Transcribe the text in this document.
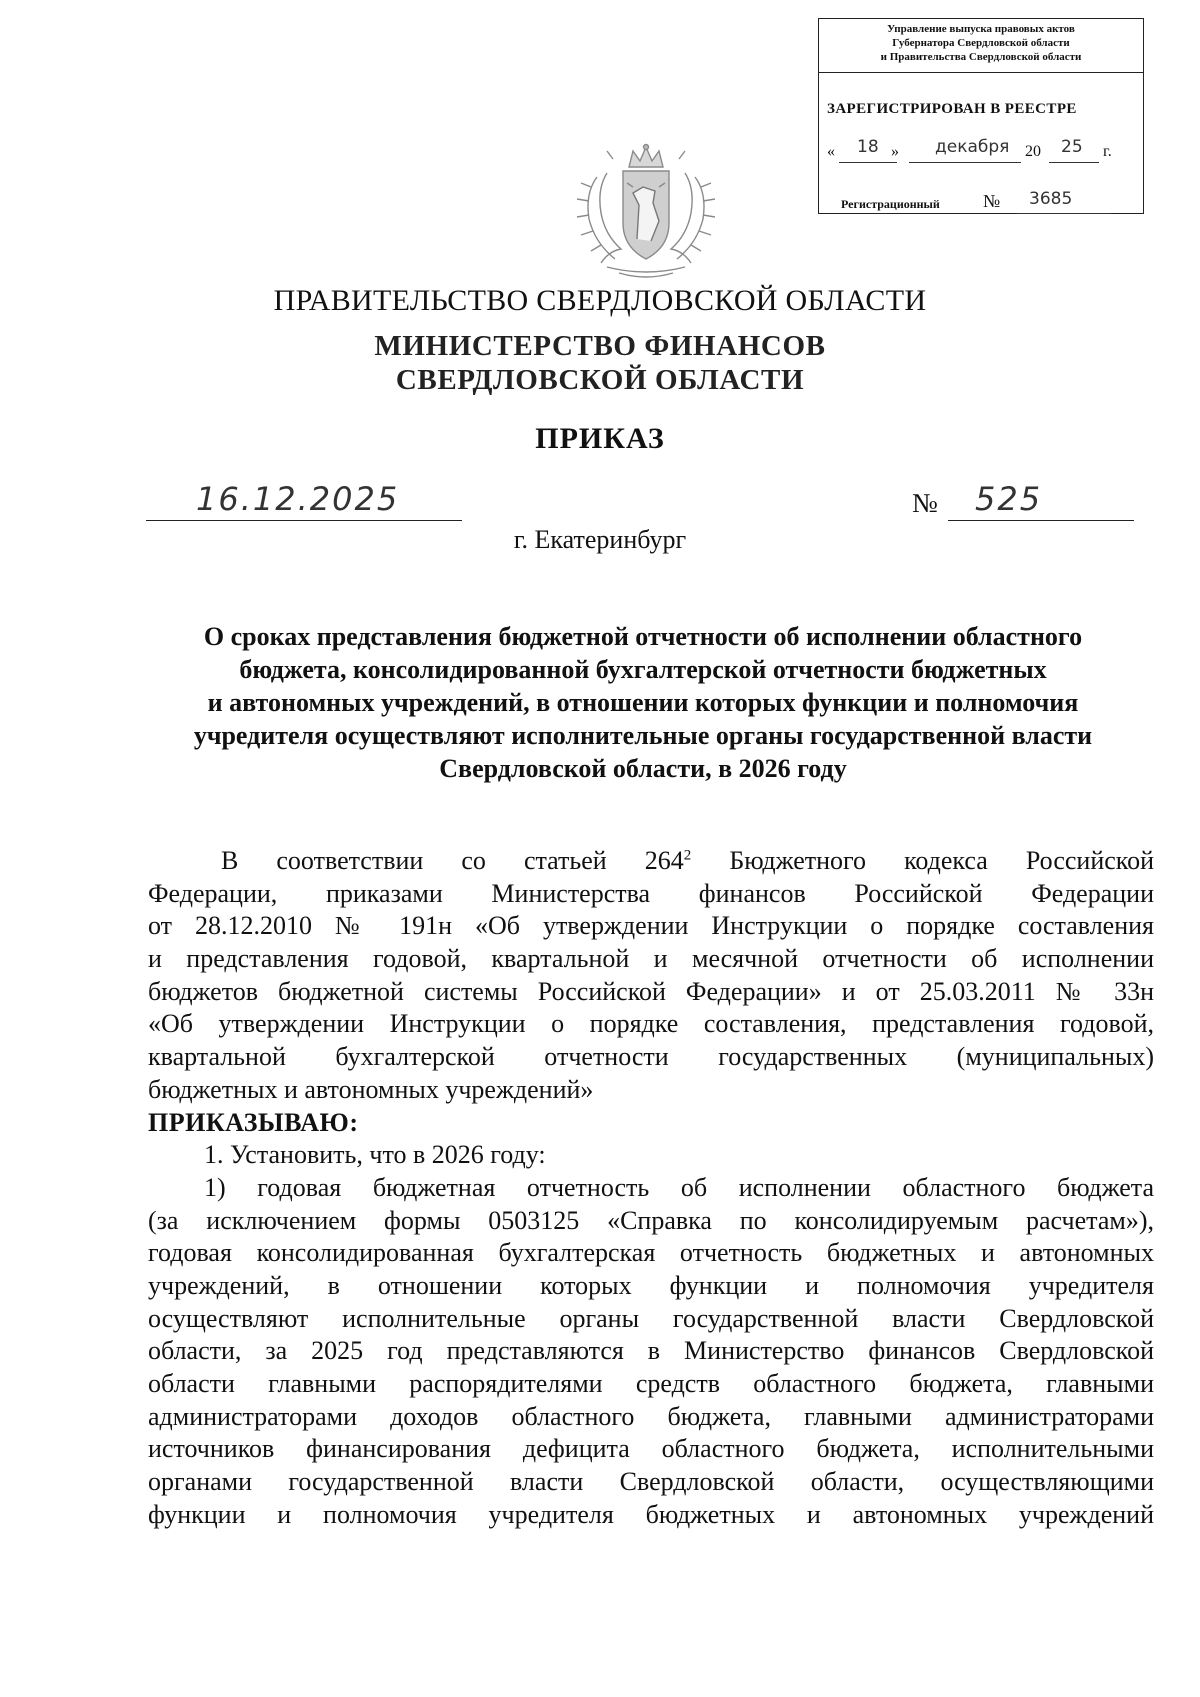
Управление выпуска правовых актов
Губернатора Свердловской области
и Правительства Свердловской области
ЗАРЕГИСТРИРОВАН В РЕЕСТРЕ
« 18 » декабря 20 25 г.
Регистрационный № 3685
ПРАВИТЕЛЬСТВО СВЕРДЛОВСКОЙ ОБЛАСТИ
МИНИСТЕРСТВО ФИНАНСОВ
СВЕРДЛОВСКОЙ ОБЛАСТИ
ПРИКАЗ
16.12.2025	№ 525
г. Екатеринбург
О сроках представления бюджетной отчетности об исполнении областного
бюджета, консолидированной бухгалтерской отчетности бюджетных
и автономных учреждений, в отношении которых функции и полномочия
учредителя осуществляют исполнительные органы государственной власти
Свердловской области, в 2026 году
В соответствии со статьей $264^2$ Бюджетного кодекса Российской
Федерации, приказами Министерства финансов Российской Федерации
от 28.12.2010 № 191н «Об утверждении Инструкции о порядке составления
и представления годовой, квартальной и месячной отчетности об исполнении
бюджетов бюджетной системы Российской Федерации» и от 25.03.2011 № 33н
«Об утверждении Инструкции о порядке составления, представления годовой,
квартальной бухгалтерской отчетности государственных (муниципальных)
бюджетных и автономных учреждений»
ПРИКАЗЫВАЮ:
1. Установить, что в 2026 году:
1) годовая бюджетная отчетность об исполнении областного бюджета
(за исключением формы 0503125 «Справка по консолидируемым расчетам»),
годовая консолидированная бухгалтерская отчетность бюджетных и автономных
учреждений, в отношении которых функции и полномочия учредителя
осуществляют исполнительные органы государственной власти Свердловской
области, за 2025 год представляются в Министерство финансов Свердловской
области главными распорядителями средств областного бюджета, главными
администраторами доходов областного бюджета, главными администраторами
источников финансирования дефицита областного бюджета, исполнительными
органами государственной власти Свердловской области, осуществляющими
функции и полномочия учредителя бюджетных и автономных учреждений
